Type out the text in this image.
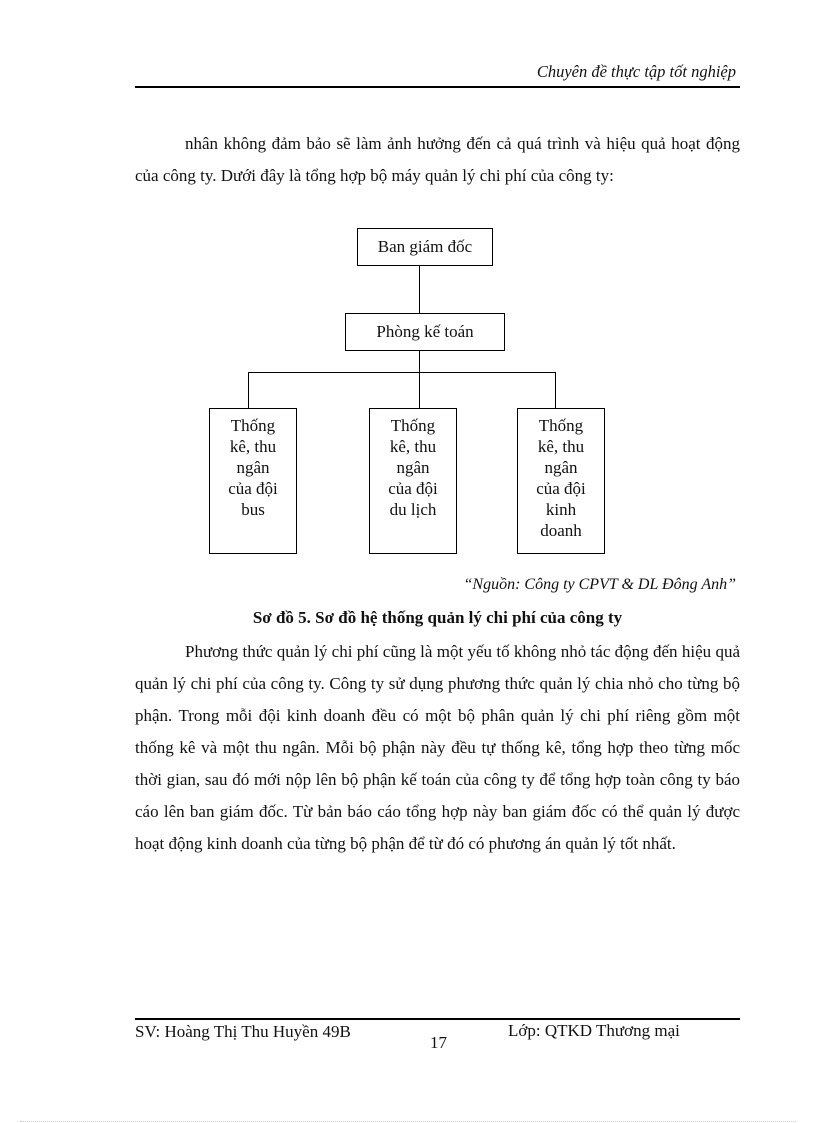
Chuyên đề thực tập tốt nghiệp
nhân không đảm bảo sẽ làm ảnh hưởng đến cả quá trình và hiệu quả hoạt động của công ty. Dưới đây là tổng hợp bộ máy quản lý chi phí của công ty:
Ban giám đốc
Phòng kế toán
Thống kê, thu ngân của đội bus
Thống kê, thu ngân của đội du lịch
Thống kê, thu ngân của đội kinh doanh
“Nguồn: Công ty CPVT & DL Đông Anh”
Sơ đồ 5. Sơ đồ hệ thống quản lý chi phí của công ty
Phương thức quản lý chi phí cũng là một yếu tố không nhỏ tác động đến hiệu quả quản lý chi phí của công ty. Công ty sử dụng phương thức quản lý chia nhỏ cho từng bộ phận. Trong mỗi đội kinh doanh đều có một bộ phân quản lý chi phí riêng gồm một thống kê và một thu ngân. Mỗi bộ phận này đều tự thống kê, tổng hợp theo từng mốc thời gian, sau đó mới nộp lên bộ phận kế toán của công ty để tổng hợp toàn công ty báo cáo lên ban giám đốc. Từ bản báo cáo tổng hợp này ban giám đốc có thể quản lý được hoạt động kinh doanh của từng bộ phận để từ đó có phương án quản lý tốt nhất.
SV: Hoàng Thị Thu Huyền 49B
17
Lớp: QTKD Thương mại
